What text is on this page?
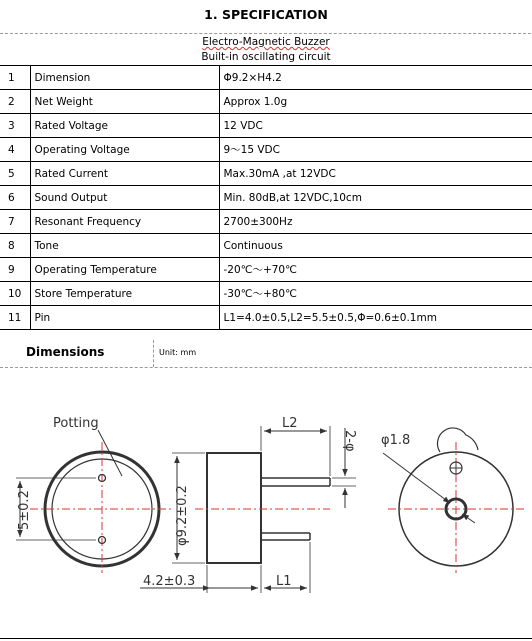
1. SPECIFICATION
Electro-Magnetic Buzzer
Built-in oscillating circuit
1	Dimension	Φ9.2×H4.2
2	Net Weight	Approx 1.0g
3	Rated Voltage	12 VDC
4	Operating Voltage	9～15 VDC
5	Rated Current	Max.30mA ,at 12VDC
6	Sound Output	Min. 80dB,at 12VDC,10cm
7	Resonant Frequency	2700±300Hz
8	Tone	Continuous
9	Operating Temperature	-20℃～+70℃
10	Store Temperature	-30℃～+80℃
11	Pin	L1=4.0±0.5,L2=5.5±0.5,Φ=0.6±0.1mm
Dimensions	Unit: mm
Potting
5±0.2	φ9.2±0.2
4.2±0.3	L1
L2
2-φ φ1.8
